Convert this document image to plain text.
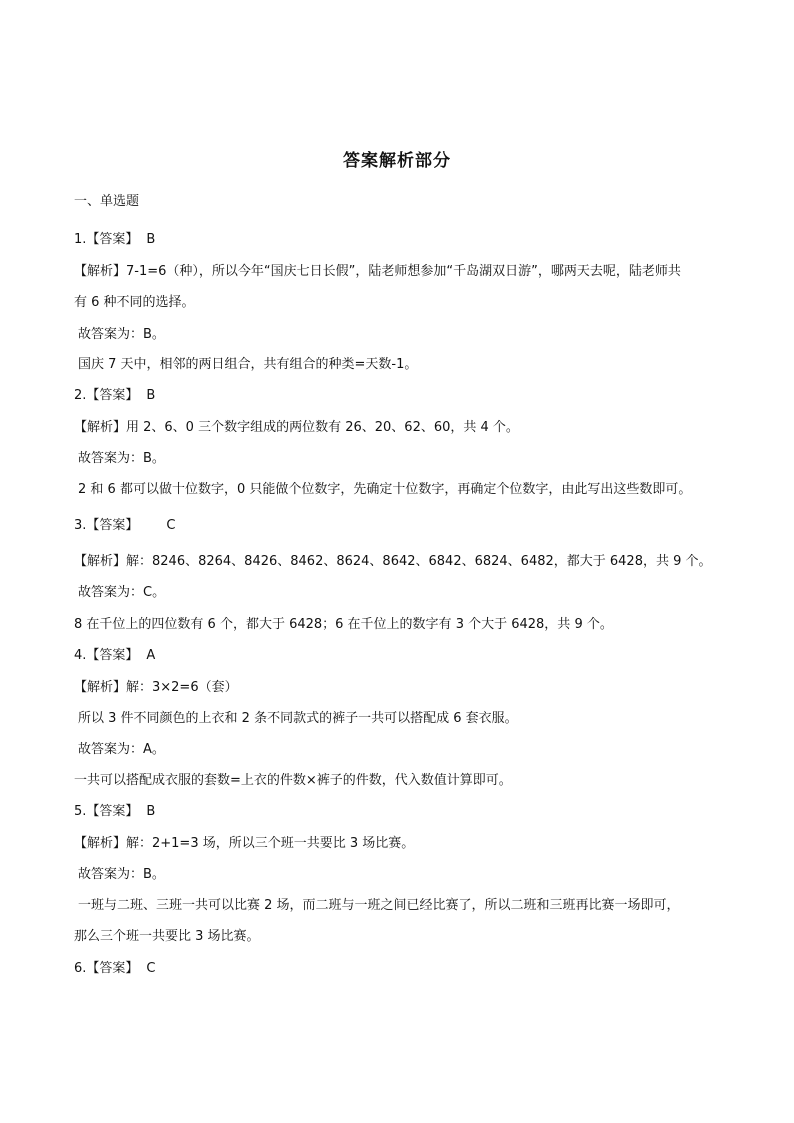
答案解析部分
一、单选题
1.【答案】 B
【解析】7-1=6（种），所以今年“国庆七日长假”，陆老师想参加“千岛湖双日游”，哪两天去呢，陆老师共
有 6 种不同的选择。
故答案为：B。
国庆 7 天中，相邻的两日组合，共有组合的种类=天数-1。
2.【答案】 B
【解析】用 2、6、0 三个数字组成的两位数有 26、20、62、60，共 4 个。
故答案为：B。
2 和 6 都可以做十位数字，0 只能做个位数字，先确定十位数字，再确定个位数字，由此写出这些数即可。
3.【答案】 C
【解析】解：8246、8264、8426、8462、8624、8642、6842、6824、6482，都大于 6428，共 9 个。
故答案为：C。
8 在千位上的四位数有 6 个，都大于 6428；6 在千位上的数字有 3 个大于 6428，共 9 个。
4.【答案】 A
【解析】解：3×2=6（套）
所以 3 件不同颜色的上衣和 2 条不同款式的裤子一共可以搭配成 6 套衣服。
故答案为：A。
一共可以搭配成衣服的套数=上衣的件数×裤子的件数，代入数值计算即可。
5.【答案】 B
【解析】解：2+1=3 场，所以三个班一共要比 3 场比赛。
故答案为：B。
一班与二班、三班一共可以比赛 2 场，而二班与一班之间已经比赛了，所以二班和三班再比赛一场即可，
那么三个班一共要比 3 场比赛。
6.【答案】 C
